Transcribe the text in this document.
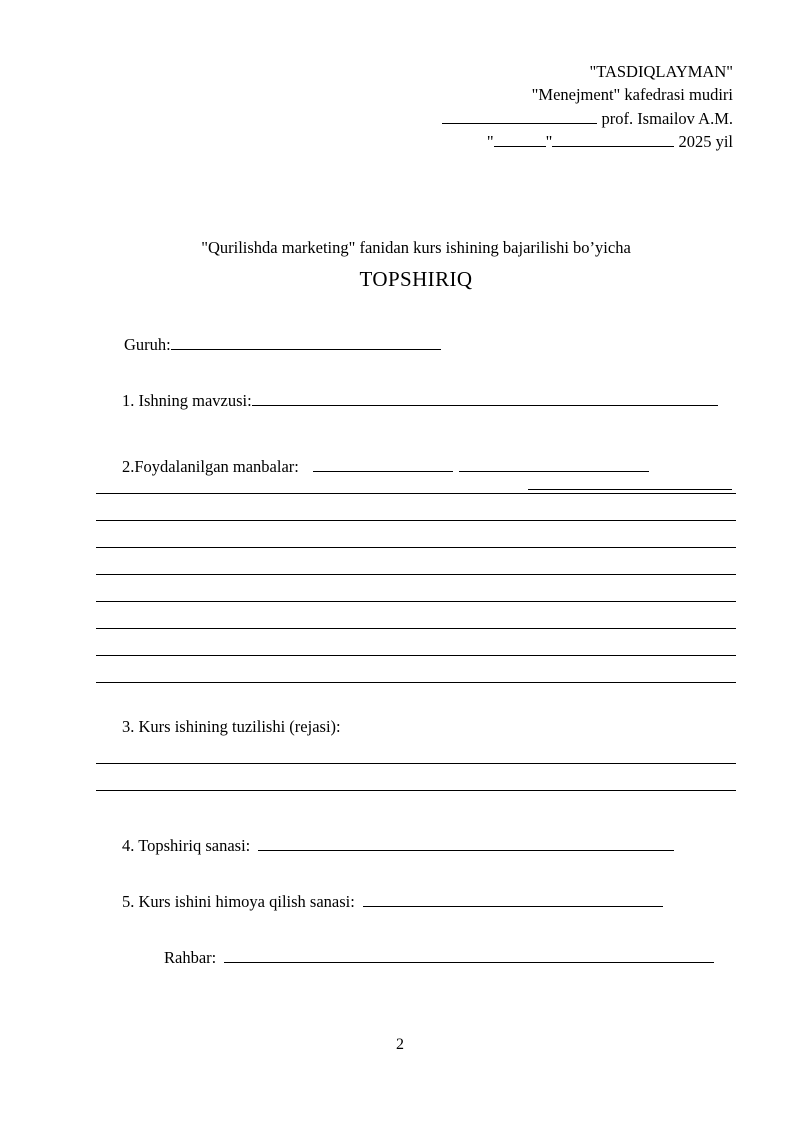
"TASDIQLAYMAN"
"Menejment" kafedrasi mudiri
prof. Ismailov A.M.
"	"	2025 yil
"Qurilishda marketing" fanidan kurs ishining bajarilishi bo’yicha
TOPSHIRIQ
Guruh:
1. Ishning mavzusi:
2.Foydalanilgan manbalar:
3. Kurs ishining tuzilishi (rejasi):
4. Topshiriq sanasi:
5. Kurs ishini himoya qilish sanasi:
Rahbar:
2
